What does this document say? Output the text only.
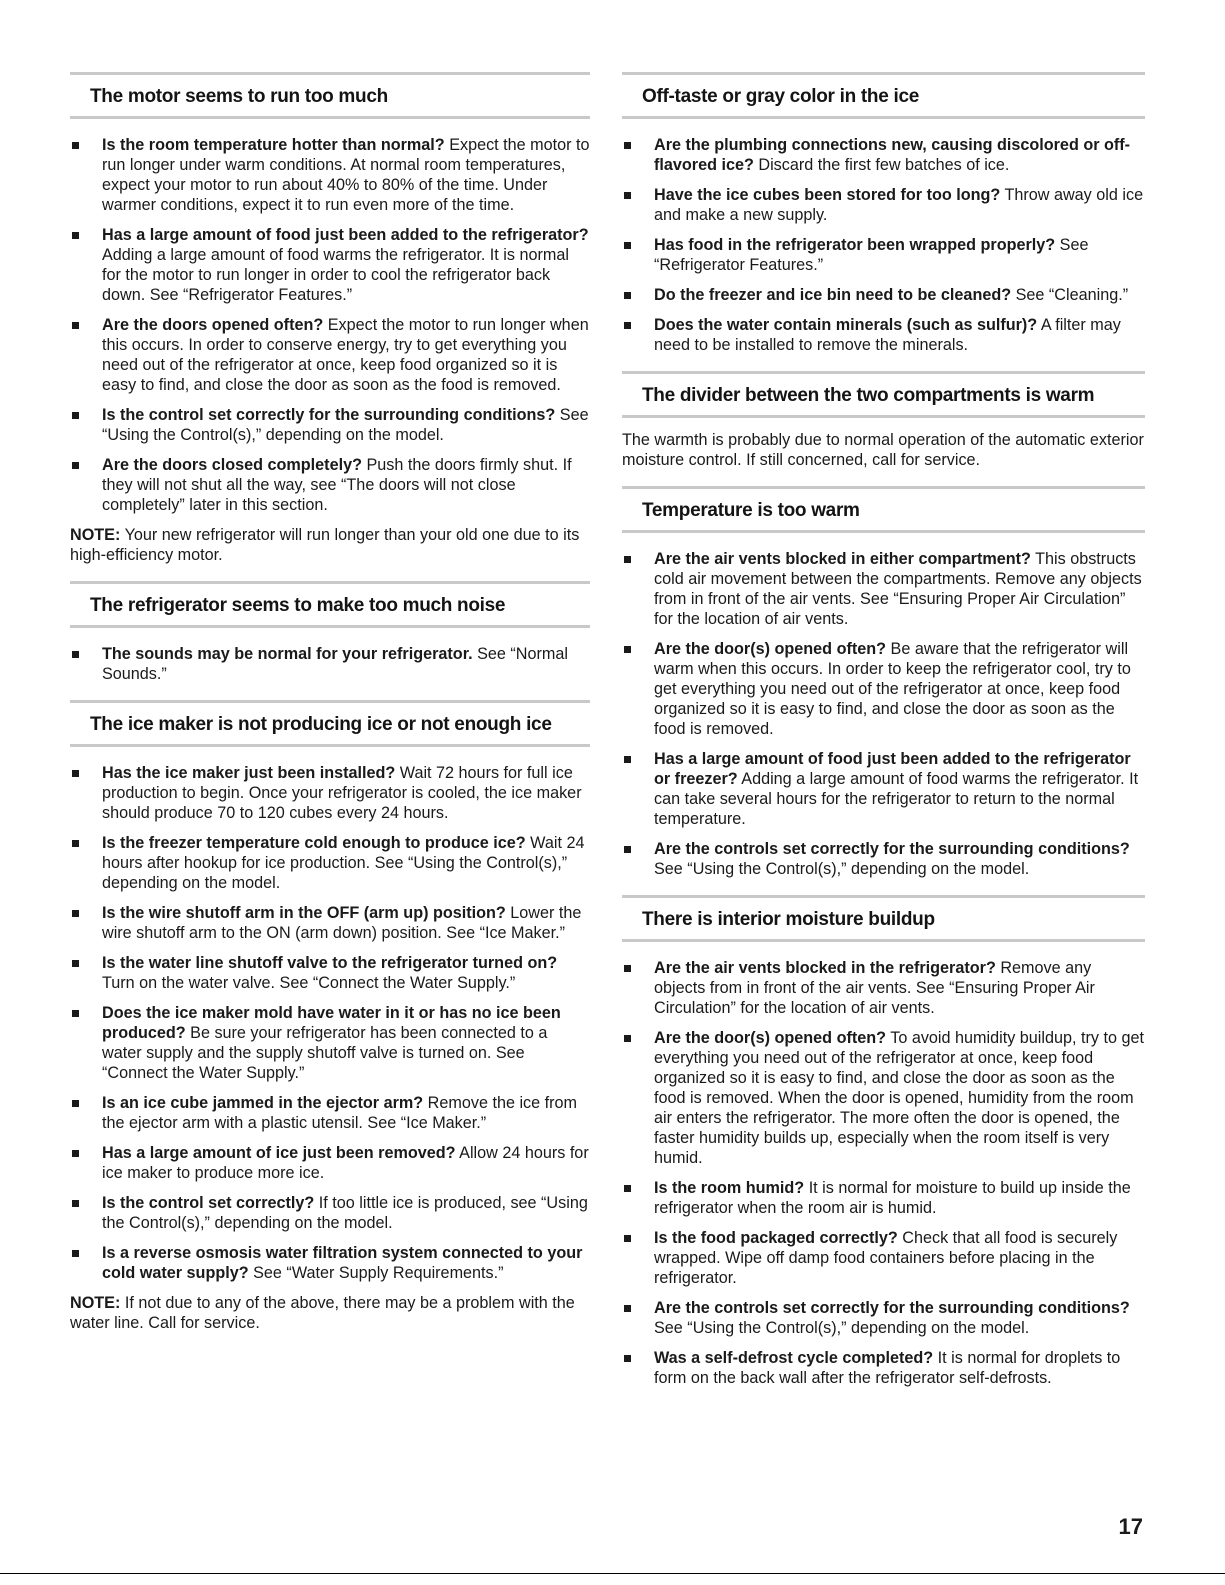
The motor seems to run too much
Is the room temperature hotter than normal? Expect the motor to run longer under warm conditions. At normal room temperatures, expect your motor to run about 40% to 80% of the time. Under warmer conditions, expect it to run even more of the time.
Has a large amount of food just been added to the refrigerator? Adding a large amount of food warms the refrigerator. It is normal for the motor to run longer in order to cool the refrigerator back down. See “Refrigerator Features.”
Are the doors opened often? Expect the motor to run longer when this occurs. In order to conserve energy, try to get everything you need out of the refrigerator at once, keep food organized so it is easy to find, and close the door as soon as the food is removed.
Is the control set correctly for the surrounding conditions? See “Using the Control(s),” depending on the model.
Are the doors closed completely? Push the doors firmly shut. If they will not shut all the way, see “The doors will not close completely” later in this section.

NOTE: Your new refrigerator will run longer than your old one due to its high-efficiency motor.

The refrigerator seems to make too much noise
The sounds may be normal for your refrigerator. See “Normal Sounds.”
The ice maker is not producing ice or not enough ice
Has the ice maker just been installed? Wait 72 hours for full ice production to begin. Once your refrigerator is cooled, the ice maker should produce 70 to 120 cubes every 24 hours.
Is the freezer temperature cold enough to produce ice? Wait 24 hours after hookup for ice production. See “Using the Control(s),” depending on the model.
Is the wire shutoff arm in the OFF (arm up) position? Lower the wire shutoff arm to the ON (arm down) position. See “Ice Maker.”
Is the water line shutoff valve to the refrigerator turned on? Turn on the water valve. See “Connect the Water Supply.”
Does the ice maker mold have water in it or has no ice been produced? Be sure your refrigerator has been connected to a water supply and the supply shutoff valve is turned on. See “Connect the Water Supply.”
Is an ice cube jammed in the ejector arm? Remove the ice from the ejector arm with a plastic utensil. See “Ice Maker.”
Has a large amount of ice just been removed? Allow 24 hours for ice maker to produce more ice.
Is the control set correctly? If too little ice is produced, see “Using the Control(s),” depending on the model.
Is a reverse osmosis water filtration system connected to your cold water supply? See “Water Supply Requirements.”

NOTE: If not due to any of the above, there may be a problem with the water line. Call for service.

Off-taste or gray color in the ice
Are the plumbing connections new, causing discolored or off-flavored ice? Discard the first few batches of ice.
Have the ice cubes been stored for too long? Throw away old ice and make a new supply.
Has food in the refrigerator been wrapped properly? See “Refrigerator Features.”
Do the freezer and ice bin need to be cleaned? See “Cleaning.”
Does the water contain minerals (such as sulfur)? A filter may need to be installed to remove the minerals.
The divider between the two compartments is warm

The warmth is probably due to normal operation of the automatic exterior moisture control. If still concerned, call for service.

Temperature is too warm
Are the air vents blocked in either compartment? This obstructs cold air movement between the compartments. Remove any objects from in front of the air vents. See “Ensuring Proper Air Circulation” for the location of air vents.
Are the door(s) opened often? Be aware that the refrigerator will warm when this occurs. In order to keep the refrigerator cool, try to get everything you need out of the refrigerator at once, keep food organized so it is easy to find, and close the door as soon as the food is removed.
Has a large amount of food just been added to the refrigerator or freezer? Adding a large amount of food warms the refrigerator. It can take several hours for the refrigerator to return to the normal temperature.
Are the controls set correctly for the surrounding conditions? See “Using the Control(s),” depending on the model.
There is interior moisture buildup
Are the air vents blocked in the refrigerator? Remove any objects from in front of the air vents. See “Ensuring Proper Air Circulation” for the location of air vents.
Are the door(s) opened often? To avoid humidity buildup, try to get everything you need out of the refrigerator at once, keep food organized so it is easy to find, and close the door as soon as the food is removed. When the door is opened, humidity from the room air enters the refrigerator. The more often the door is opened, the faster humidity builds up, especially when the room itself is very humid.
Is the room humid? It is normal for moisture to build up inside the refrigerator when the room air is humid.
Is the food packaged correctly? Check that all food is securely wrapped. Wipe off damp food containers before placing in the refrigerator.
Are the controls set correctly for the surrounding conditions? See “Using the Control(s),” depending on the model.
Was a self-defrost cycle completed? It is normal for droplets to form on the back wall after the refrigerator self-defrosts.
17
